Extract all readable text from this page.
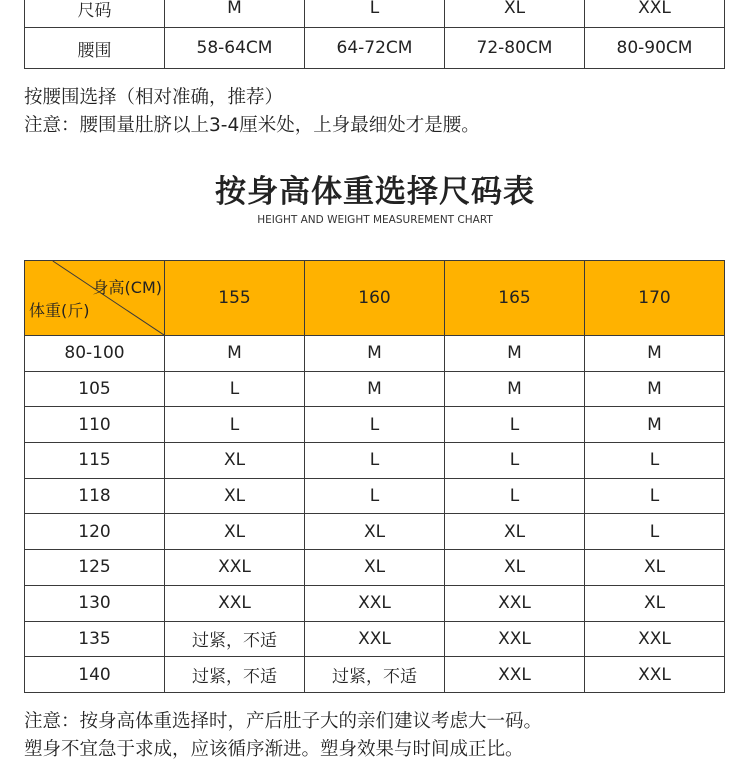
尺码	M	L	XL	XXL
腰围	58-64CM	64-72CM	72-80CM	80-90CM
按腰围选择（相对准确，推荐）
注意：腰围量肚脐以上3-4厘米处，上身最细处才是腰。
按身高体重选择尺码表
HEIGHT AND WEIGHT MEASUREMENT CHART
身高(CM)
体重(斤)	155	160	165	170
80-100	M	M	M	M
105	L	M	M	M
110	L	L	L	M
115	XL	L	L	L
118	XL	L	L	L
120	XL	XL	XL	L
125	XXL	XL	XL	XL
130	XXL	XXL	XXL	XL
135	过紧，不适	XXL	XXL	XXL
140	过紧，不适	过紧，不适	XXL	XXL
注意：按身高体重选择时，产后肚子大的亲们建议考虑大一码。
塑身不宜急于求成，应该循序渐进。塑身效果与时间成正比。
